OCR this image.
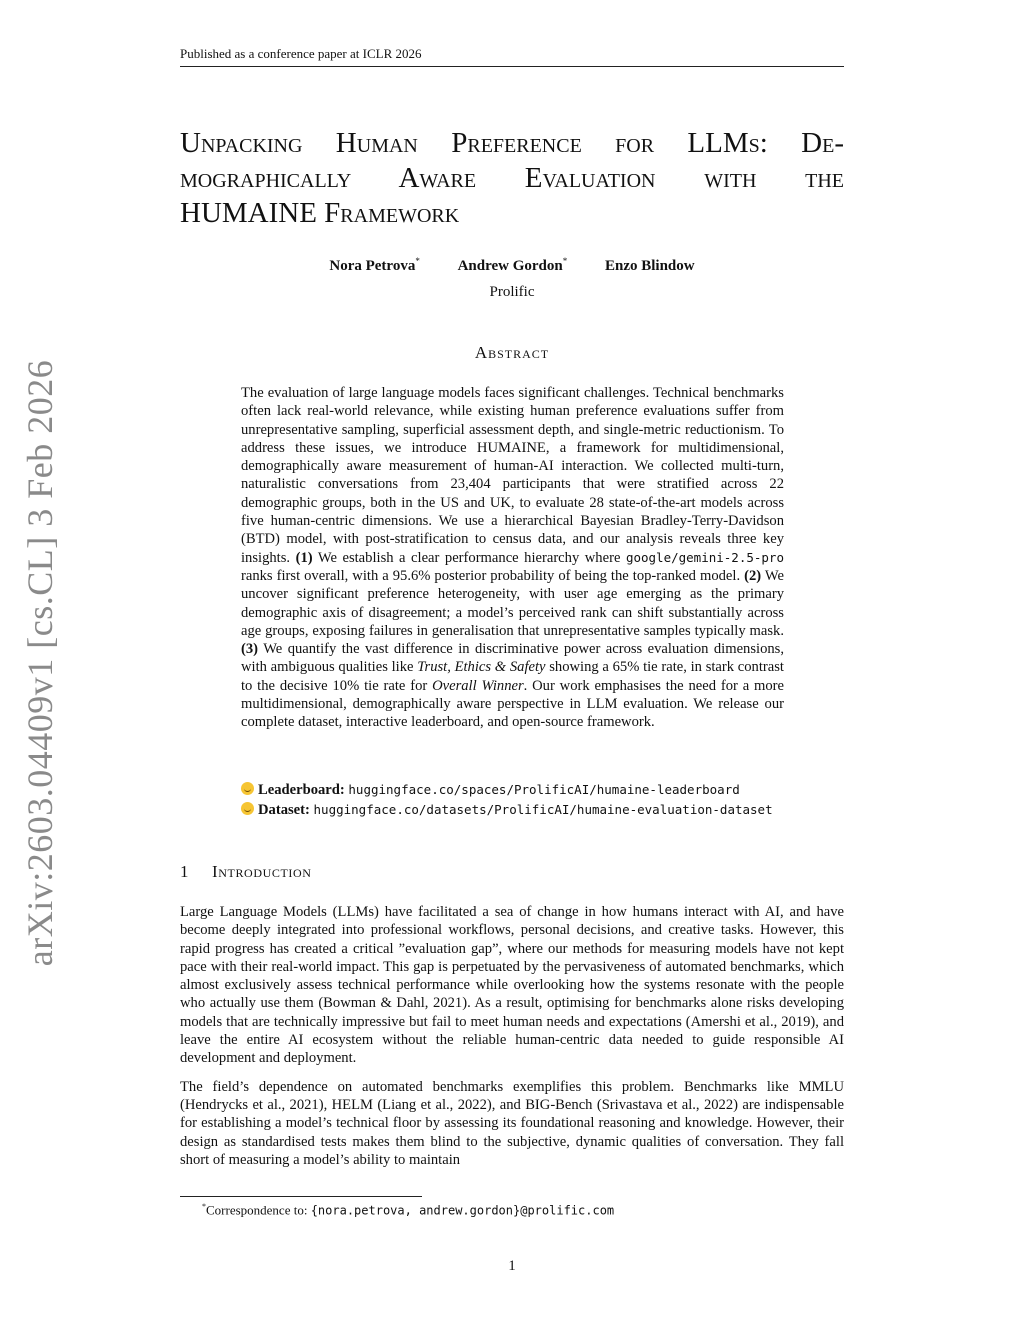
Published as a conference paper at ICLR 2026
arXiv:2603.04409v1 [cs.CL] 3 Feb 2026
Unpacking Human Preference for LLMs: De-
mographically Aware Evaluation with the
HUMAINE Framework
Nora Petrova*	Andrew Gordon*	Enzo Blindow
Prolific
Abstract

The evaluation of large language models faces significant challenges. Technical benchmarks often lack real-world relevance, while existing human preference evaluations suffer from unrepresentative sampling, superficial assessment depth, and single-metric reductionism. To address these issues, we introduce HUMAINE, a framework for multidimensional, demographically aware measurement of human-AI interaction. We collected multi-turn, naturalistic conversations from 23,404 participants that were stratified across 22 demographic groups, both in the US and UK, to evaluate 28 state-of-the-art models across five human-centric dimensions. We use a hierarchical Bayesian Bradley-Terry-Davidson (BTD) model, with post-stratification to census data, and our analysis reveals three key insights. (1) We establish a clear performance hierarchy where google/gemini-2.5-pro ranks first overall, with a 95.6% posterior probability of being the top-ranked model. (2) We uncover significant preference heterogeneity, with user age emerging as the primary demographic axis of disagreement; a model’s perceived rank can shift substantially across age groups, exposing failures in generalisation that unrepresentative samples typically mask. (3) We quantify the vast difference in discriminative power across evaluation dimensions, with ambiguous qualities like Trust, Ethics & Safety showing a 65% tie rate, in stark contrast to the decisive 10% tie rate for Overall Winner. Our work emphasises the need for a more multidimensional, demographically aware perspective in LLM evaluation. We release our complete dataset, interactive leaderboard, and open-source framework.

Leaderboard: huggingface.co/spaces/ProlificAI/humaine-leaderboard
Dataset: huggingface.co/datasets/ProlificAI/humaine-evaluation-dataset
1 Introduction

Large Language Models (LLMs) have facilitated a sea of change in how humans interact with AI, and have become deeply integrated into professional workflows, personal decisions, and creative tasks. However, this rapid progress has created a critical ”evaluation gap”, where our methods for measuring models have not kept pace with their real-world impact. This gap is perpetuated by the pervasiveness of automated benchmarks, which almost exclusively assess technical performance while overlooking how the systems resonate with the people who actually use them (Bowman & Dahl, 2021). As a result, optimising for benchmarks alone risks developing models that are technically impressive but fail to meet human needs and expectations (Amershi et al., 2019), and leave the entire AI ecosystem without the reliable human-centric data needed to guide responsible AI development and deployment.

The field’s dependence on automated benchmarks exemplifies this problem. Benchmarks like MMLU (Hendrycks et al., 2021), HELM (Liang et al., 2022), and BIG-Bench (Srivastava et al., 2022) are indispensable for establishing a model’s technical floor by assessing its foundational reasoning and knowledge. However, their design as standardised tests makes them blind to the subjective, dynamic qualities of conversation. They fall short of measuring a model’s ability to maintain

*Correspondence to: {nora.petrova, andrew.gordon}@prolific.com
1
